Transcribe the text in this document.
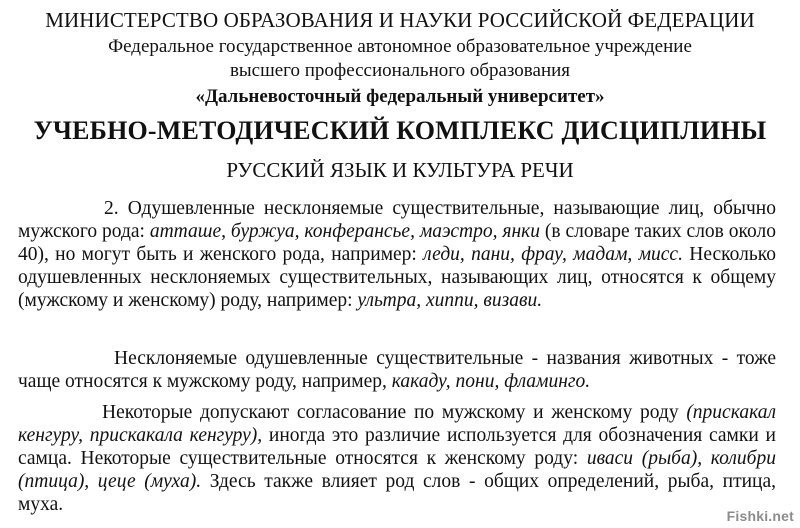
МИНИСТЕРСТВО ОБРАЗОВАНИЯ И НАУКИ РОССИЙСКОЙ ФЕДЕРАЦИИ
Федеральное государственное автономное образовательное учреждение
высшего профессионального образования
«Дальневосточный федеральный университет»
УЧЕБНО-МЕТОДИЧЕСКИЙ КОМПЛЕКС ДИСЦИПЛИНЫ
РУССКИЙ ЯЗЫК И КУЛЬТУРА РЕЧИ
2. Одушевленные несклоняемые существительные, называющие лиц, обычно мужского рода: атташе, буржуа, конферансье, маэстро, янки (в словаре таких слов около 40), но могут быть и женского рода, например: леди, пани, фрау, мадам, мисс. Несколько одушевленных несклоняемых существительных, называющих лиц, относятся к общему (мужскому и женскому) роду, например: ультра, хиппи, визави.
Несклоняемые одушевленные существительные - названия животных - тоже чаще относятся к мужскому роду, например, какаду, пони, фламинго.
Некоторые допускают согласование по мужскому и женскому роду (прискакал кенгуру, прискакала кенгуру), иногда это различие используется для обозначения самки и самца. Некоторые существительные относятся к женскому роду: иваси (рыба), колибри (птица), цеце (муха). Здесь также влияет род слов - общих определений, рыба, птица, муха.
Fishki.net
